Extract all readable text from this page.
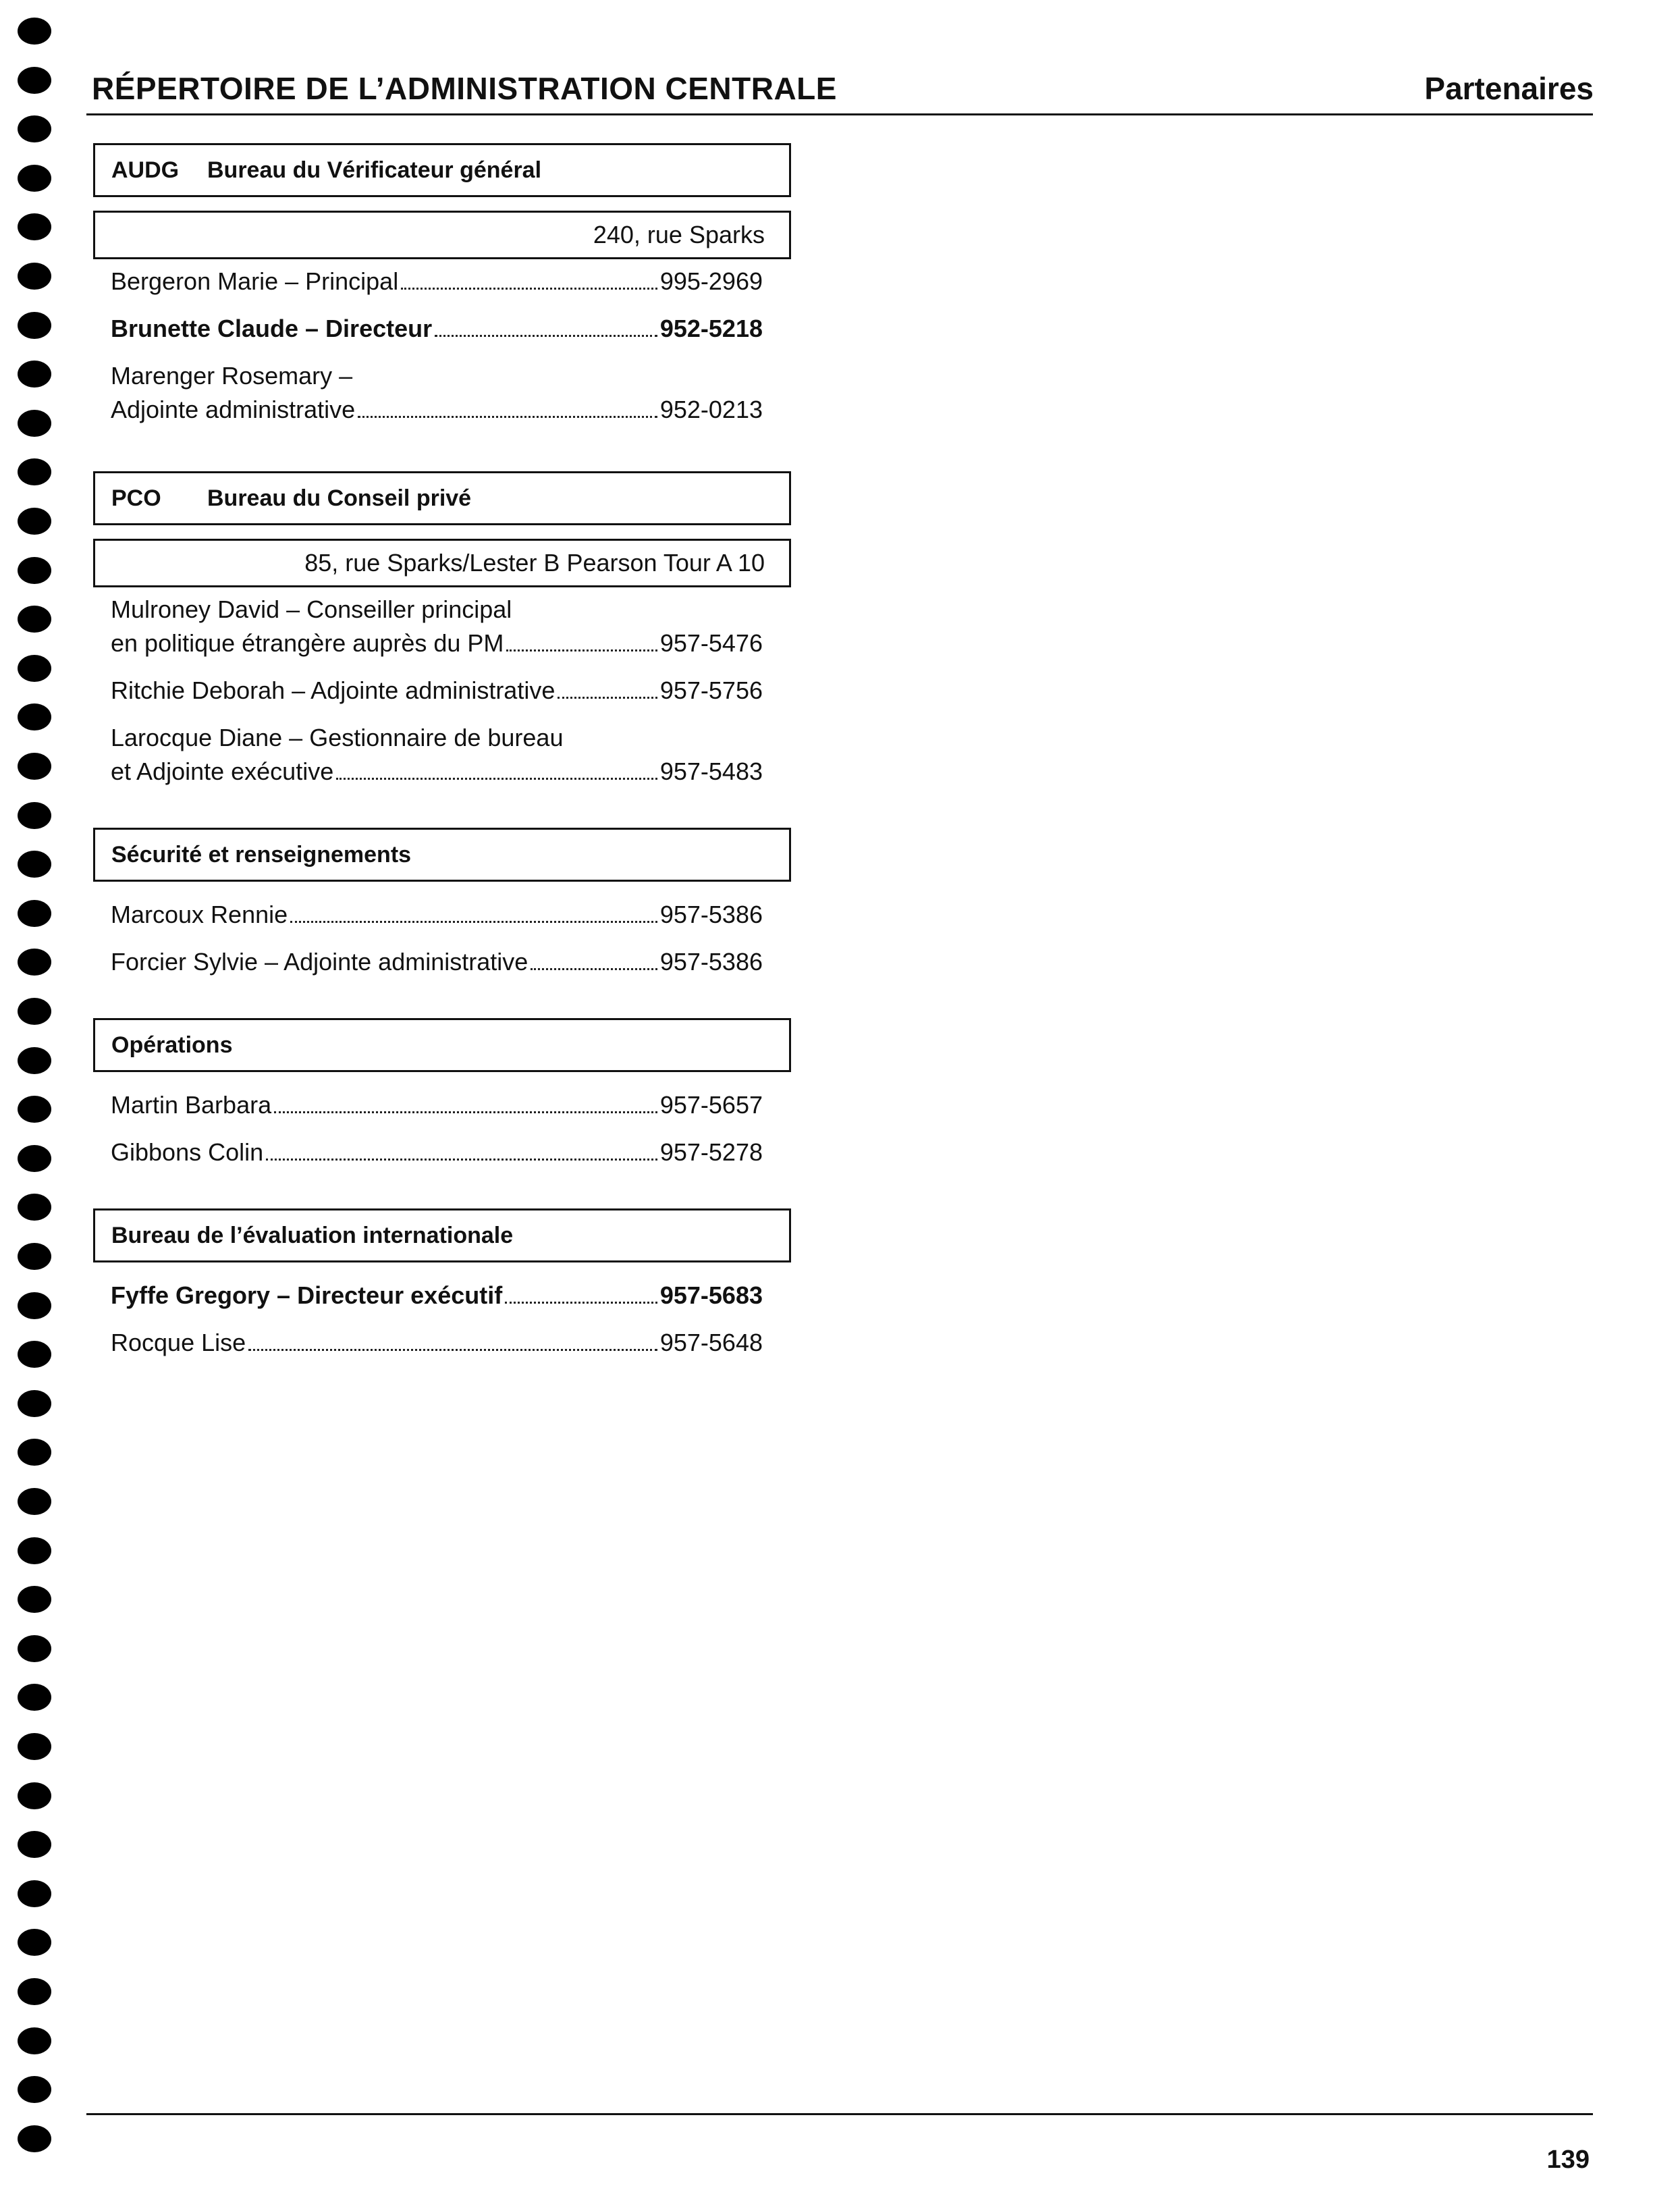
RÉPERTOIRE DE L’ADMINISTRATION CENTRALE	Partenaires
AUDG	Bureau du Vérificateur général
240, rue Sparks
Bergeron Marie – Principal	995-2969
Brunette Claude – Directeur	952-5218
Marenger Rosemary –
Adjointe administrative	952-0213
PCO	Bureau du Conseil privé
85, rue Sparks/Lester B Pearson Tour A 10
Mulroney David – Conseiller principal
en politique étrangère auprès du PM	957-5476
Ritchie Deborah – Adjointe administrative	957-5756
Larocque Diane – Gestionnaire de bureau
et Adjointe exécutive	957-5483
Sécurité et renseignements
Marcoux Rennie	957-5386
Forcier Sylvie – Adjointe administrative	957-5386
Opérations
Martin Barbara	957-5657
Gibbons Colin	957-5278
Bureau de l’évaluation internationale
Fyffe Gregory – Directeur exécutif	957-5683
Rocque Lise	957-5648
139
